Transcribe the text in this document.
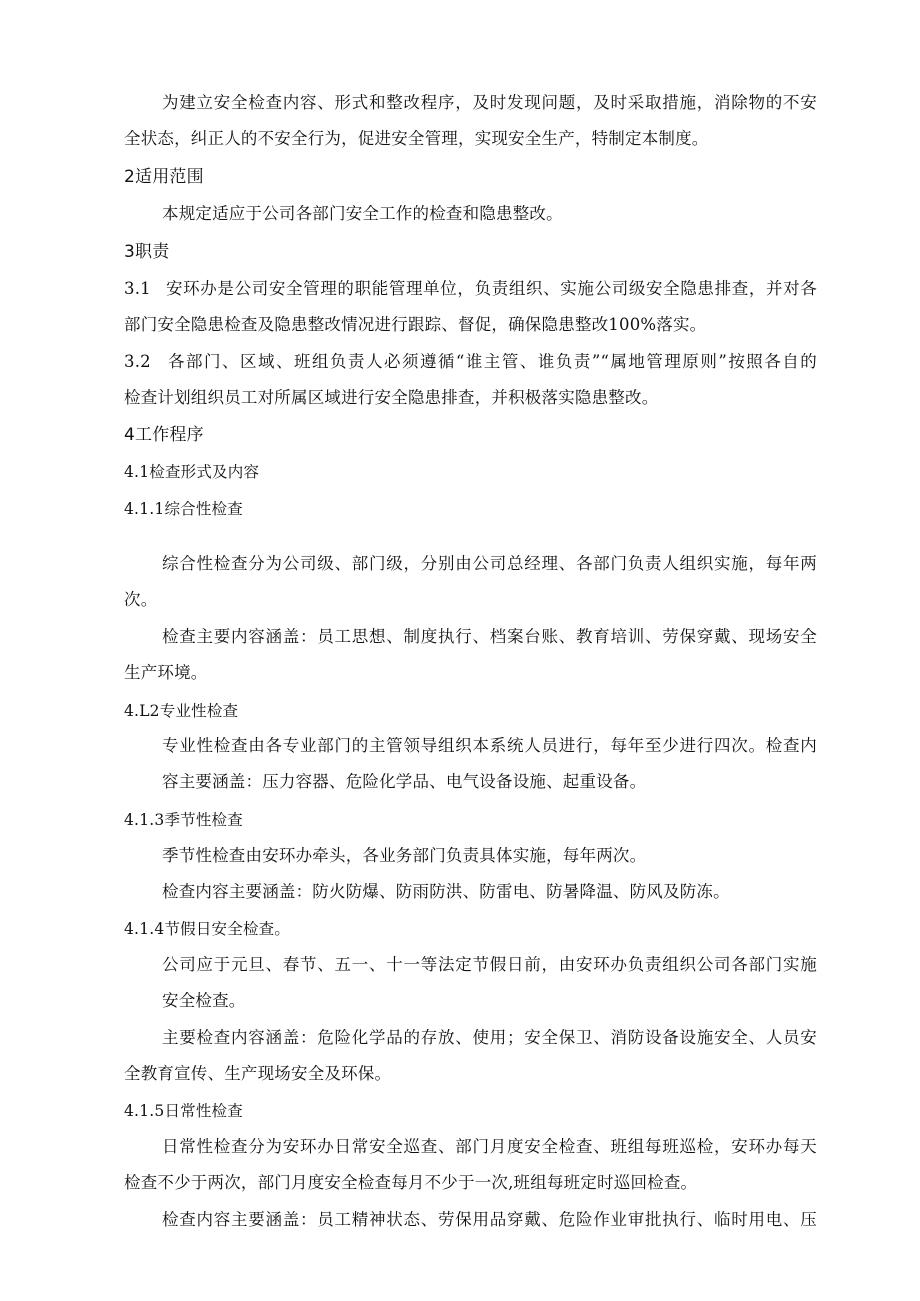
为建立安全检查内容、形式和整改程序，及时发现问题，及时采取措施，消除物的不安
全状态，纠正人的不安全行为，促进安全管理，实现安全生产，特制定本制度。
2适用范围
本规定适应于公司各部门安全工作的检查和隐患整改。
3职责
3.1 安环办是公司安全管理的职能管理单位，负责组织、实施公司级安全隐患排查，并对各
部门安全隐患检查及隐患整改情况进行跟踪、督促，确保隐患整改100%落实。
3.2 各部门、区域、班组负责人必须遵循“谁主管、谁负责”“属地管理原则”按照各自的
检查计划组织员工对所属区域进行安全隐患排查，并积极落实隐患整改。
4工作程序
4.1检查形式及内容
4.1.1综合性检查
综合性检查分为公司级、部门级，分别由公司总经理、各部门负责人组织实施，每年两
次。
检查主要内容涵盖：员工思想、制度执行、档案台账、教育培训、劳保穿戴、现场安全
生产环境。
4.L2专业性检查
专业性检查由各专业部门的主管领导组织本系统人员进行，每年至少进行四次。检查内
容主要涵盖：压力容器、危险化学品、电气设备设施、起重设备。
4.1.3季节性检查
季节性检查由安环办牵头，各业务部门负责具体实施，每年两次。
检查内容主要涵盖：防火防爆、防雨防洪、防雷电、防暑降温、防风及防冻。
4.1.4节假日安全检查。
公司应于元旦、春节、五一、十一等法定节假日前，由安环办负责组织公司各部门实施
安全检查。
主要检查内容涵盖：危险化学品的存放、使用；安全保卫、消防设备设施安全、人员安
全教育宣传、生产现场安全及环保。
4.1.5日常性检查
日常性检查分为安环办日常安全巡查、部门月度安全检查、班组每班巡检，安环办每天
检查不少于两次，部门月度安全检查每月不少于一次,班组每班定时巡回检查。
检查内容主要涵盖：员工精神状态、劳保用品穿戴、危险作业审批执行、临时用电、压
